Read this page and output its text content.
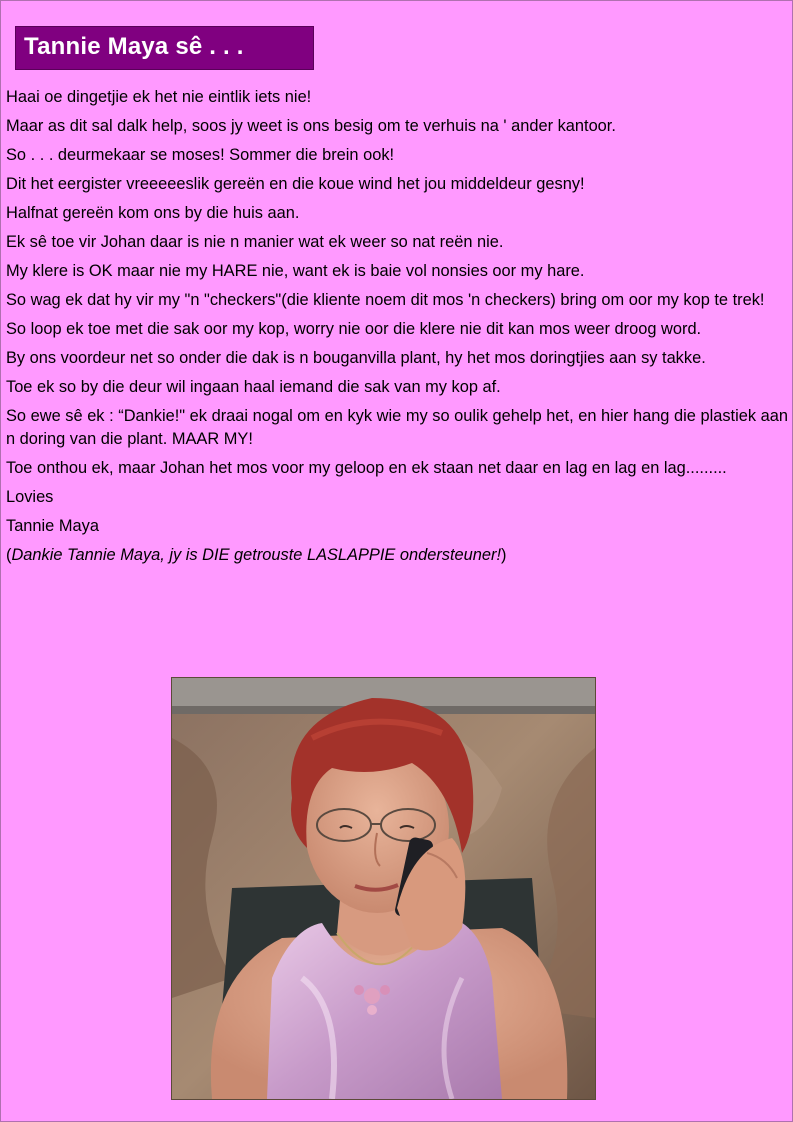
Tannie Maya sê . . .

Haai oe dingetjie ek het nie eintlik iets nie!

Maar as dit sal dalk help, soos jy weet is ons besig om te verhuis na ' ander kantoor.

So . . . deurmekaar se moses! Sommer die brein ook!

Dit het eergister vreeeeeslik gereën en die koue wind het jou middeldeur gesny!

Halfnat gereën kom ons by die huis aan.

Ek sê toe vir Johan daar is nie n manier wat ek weer so nat reën nie.

My klere is OK maar nie my HARE nie, want ek is baie vol nonsies oor my hare.

So wag ek dat hy vir my "n "checkers"(die kliente noem dit mos 'n checkers) bring om oor my kop te trek!

So loop ek toe met die sak oor my kop, worry nie oor die klere nie dit kan mos weer droog word.

By ons voordeur net so onder die dak is n bouganvilla plant, hy het mos doringtjies aan sy takke.

Toe ek so by die deur wil ingaan haal iemand die sak van my kop af.

So ewe sê ek : “Dankie!" ek draai nogal om en kyk wie my so oulik gehelp het, en hier hang die plastiek aan n doring van die plant. MAAR MY!

Toe onthou ek, maar Johan het mos voor my geloop en ek staan net daar en lag en lag en lag.........

Lovies

Tannie Maya

(Dankie Tannie Maya, jy is DIE getrouste LASLAPPIE ondersteuner!)
